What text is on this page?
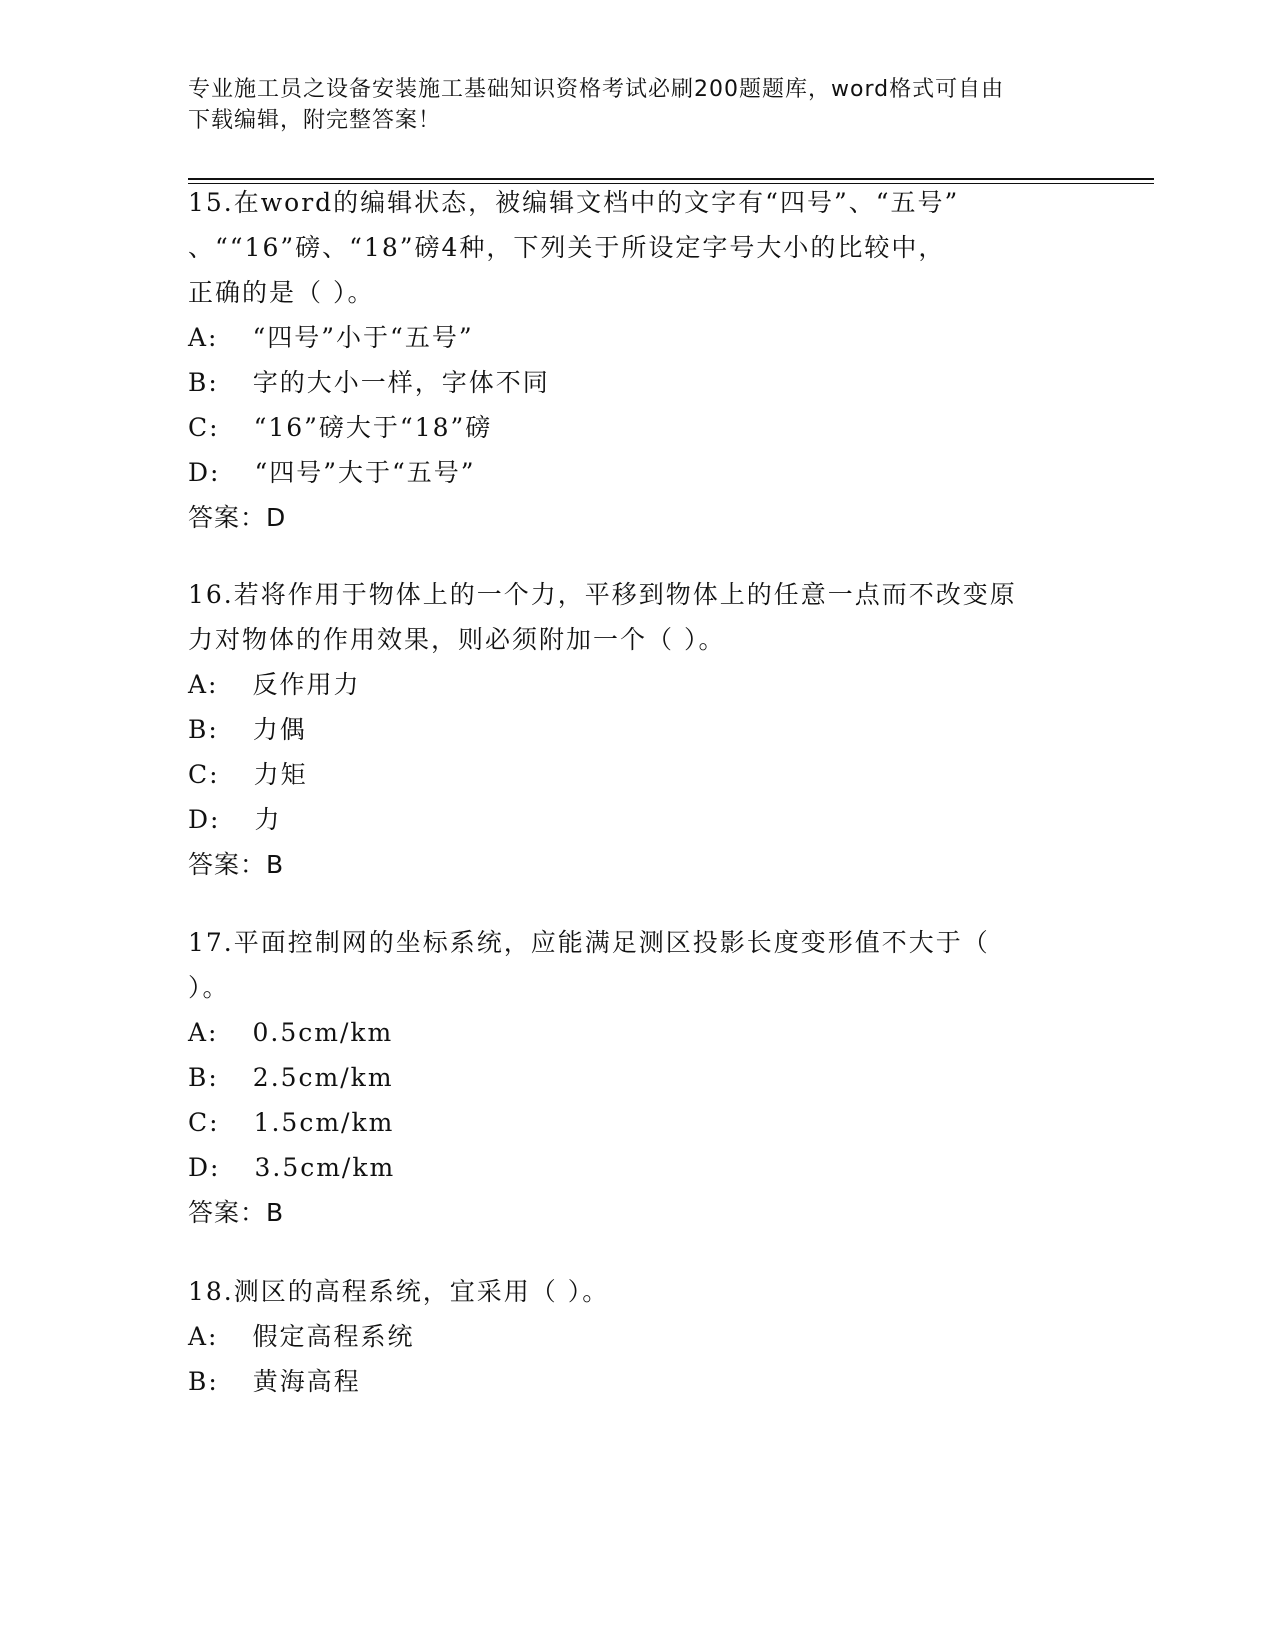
专业施工员之设备安装施工基础知识资格考试必刷200题题库，word格式可自由
下载编辑，附完整答案！
15.在word的编辑状态，被编辑文档中的文字有“四号”、“五号”
、““16”磅、“18”磅4种，下列关于所设定字号大小的比较中，
正确的是（ ）。
A: “四号”小于“五号”
B: 字的大小一样，字体不同
C: “16”磅大于“18”磅
D: “四号”大于“五号”
答案：D
16.若将作用于物体上的一个力，平移到物体上的任意一点而不改变原
力对物体的作用效果，则必须附加一个（ ）。
A: 反作用力
B: 力偶
C: 力矩
D: 力
答案：B
17.平面控制网的坐标系统，应能满足测区投影长度变形值不大于（
）。
A: 0.5cm/km
B: 2.5cm/km
C: 1.5cm/km
D: 3.5cm/km
答案：B
18.测区的高程系统，宜采用（ ）。
A: 假定高程系统
B: 黄海高程
